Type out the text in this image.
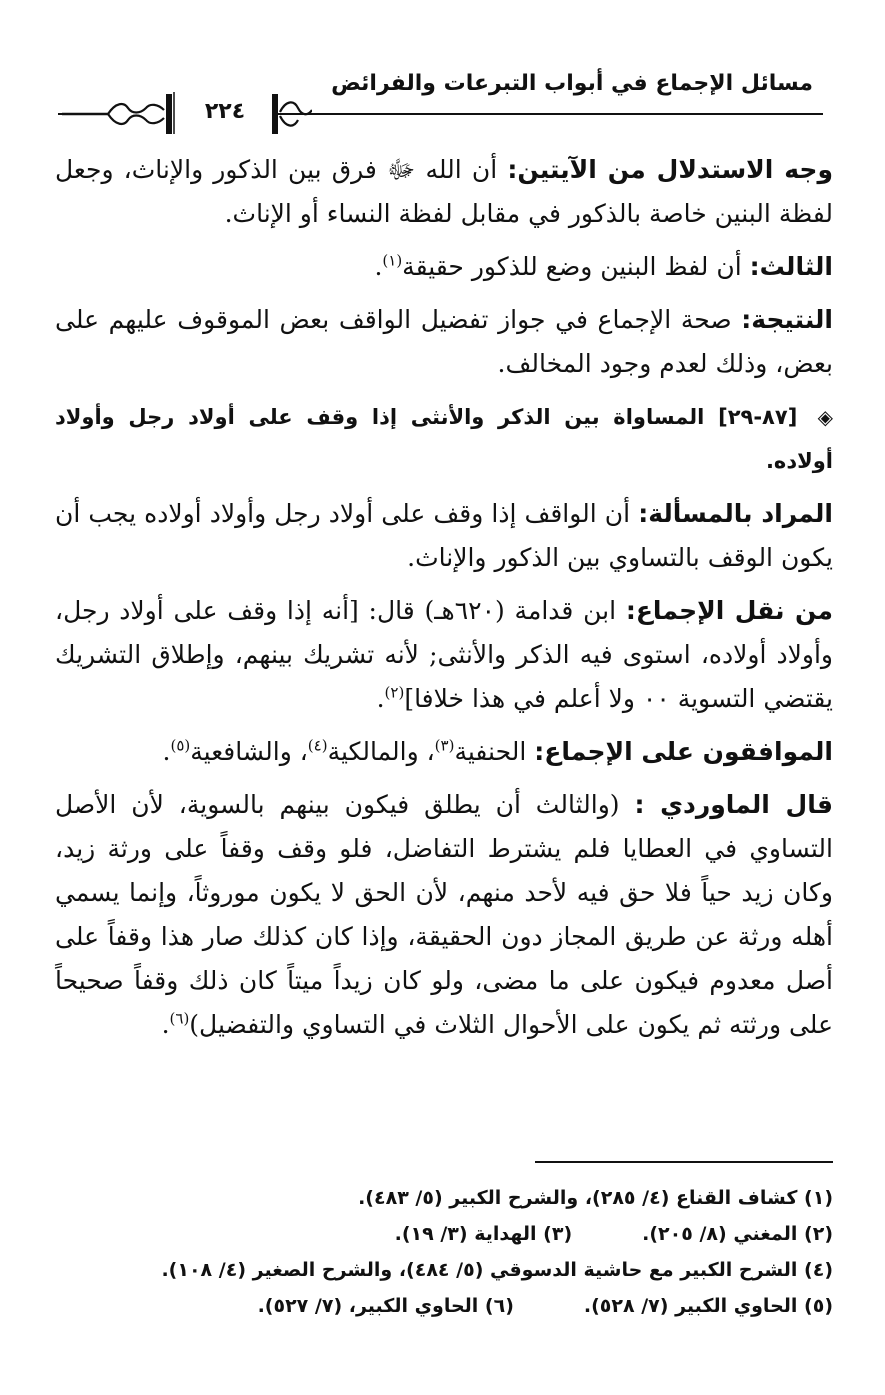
مسائل الإجماع في أبواب التبرعات والفرائض
٢٢٤

وجه الاستدلال من الآيتين: أن الله ﷻ فرق بين الذكور والإناث، وجعل لفظة البنين خاصة بالذكور في مقابل لفظة النساء أو الإناث.

الثالث: أن لفظ البنين وضع للذكور حقيقة$^{(١)}$.

النتيجة: صحة الإجماع في جواز تفضيل الواقف بعض الموقوف عليهم على بعض، وذلك لعدم وجود المخالف.

◈ [٨٧-٢٩] المساواة بين الذكر والأنثى إذا وقف على أولاد رجل وأولاد أولاده.

المراد بالمسألة: أن الواقف إذا وقف على أولاد رجل وأولاد أولاده يجب أن يكون الوقف بالتساوي بين الذكور والإناث.

من نقل الإجماع: ابن قدامة (٦٢٠هـ) قال: [أنه إذا وقف على أولاد رجل، وأولاد أولاده، استوى فيه الذكر والأنثى; لأنه تشريك بينهم، وإطلاق التشريك يقتضي التسوية ٠٠ ولا أعلم في هذا خلافا]$^{(٢)}$.

الموافقون على الإجماع: الحنفية$^{(٣)}$، والمالكية$^{(٤)}$، والشافعية$^{(٥)}$.

قال الماوردي : (والثالث أن يطلق فيكون بينهم بالسوية، لأن الأصل التساوي في العطايا فلم يشترط التفاضل، فلو وقف وقفاً على ورثة زيد، وكان زيد حياً فلا حق فيه لأحد منهم، لأن الحق لا يكون موروثاً، وإنما يسمي أهله ورثة عن طريق المجاز دون الحقيقة، وإذا كان كذلك صار هذا وقفاً على أصل معدوم فيكون على ما مضى، ولو كان زيداً ميتاً كان ذلك وقفاً صحيحاً على ورثته ثم يكون على الأحوال الثلاث في التساوي والتفضيل)$^{(٦)}$.

(١) كشاف القناع (٤/ ٢٨٥)، والشرح الكبير (٥/ ٤٨٣).
(٢) المغني (٨/ ٢٠٥).(٣) الهداية (٣/ ١٩).
(٤) الشرح الكبير مع حاشية الدسوقي (٥/ ٤٨٤)، والشرح الصغير (٤/ ١٠٨).
(٥) الحاوي الكبير (٧/ ٥٢٨).(٦) الحاوي الكبير، (٧/ ٥٢٧).
